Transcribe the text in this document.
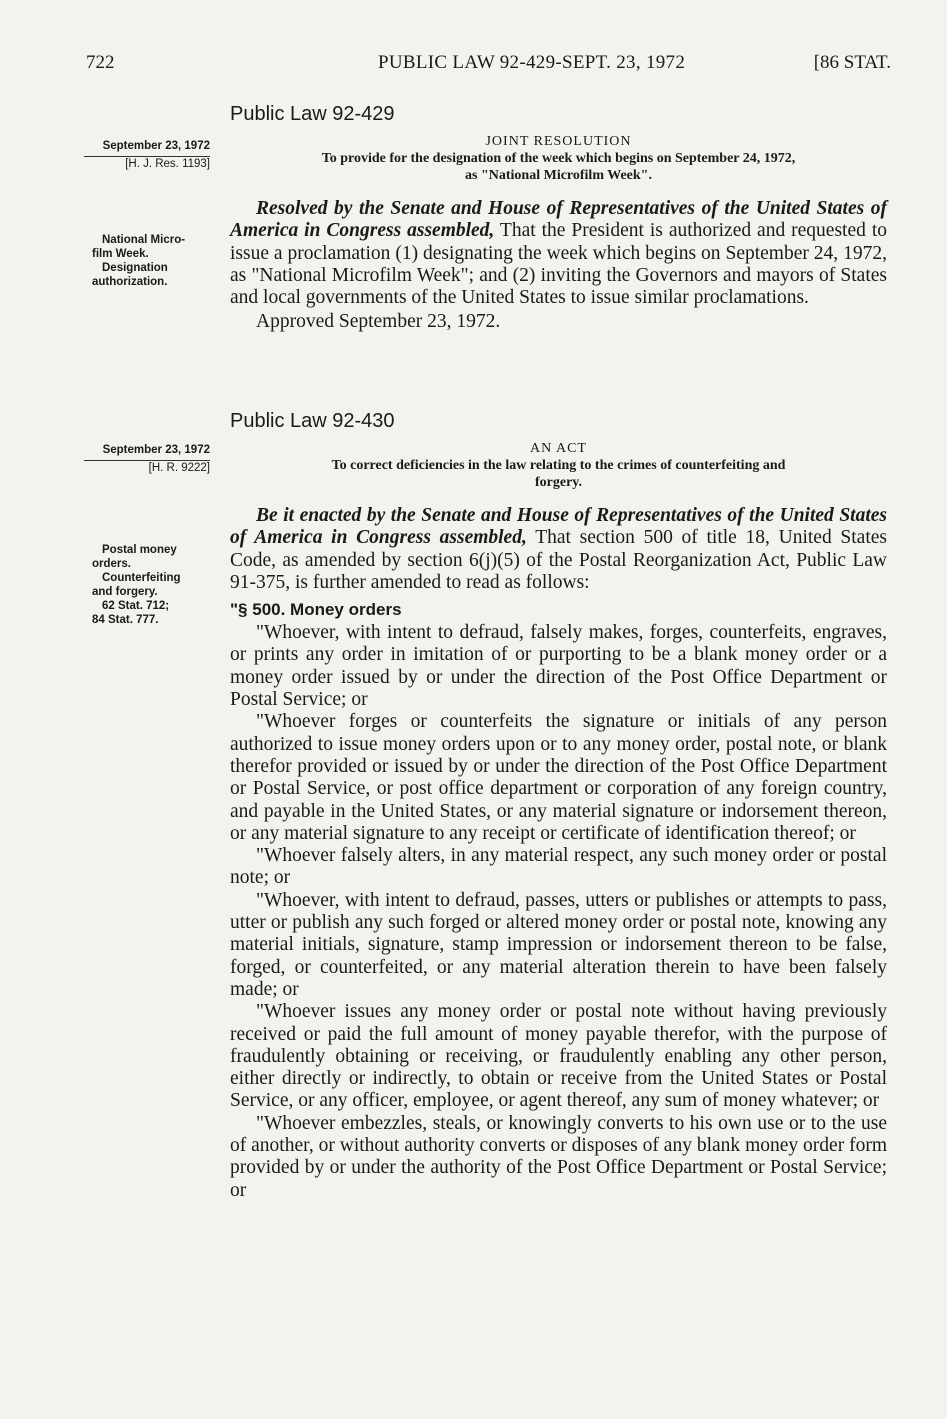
722	PUBLIC LAW 92-429-SEPT. 23, 1972	[86 STAT.
Public Law 92-429
JOINT RESOLUTION
To provide for the designation of the week which begins on September 24, 1972,
as "National Microfilm Week".

Resolved by the Senate and House of Representatives of the United States of America in Congress assembled, That the President is authorized and requested to issue a proclamation (1) designating the week which begins on September 24, 1972, as "National Microfilm Week"; and (2) inviting the Governors and mayors of States and local governments of the United States to issue similar proclamations.

Approved September 23, 1972.
September 23, 1972
[H. J. Res. 1193]
National Micro-
film Week.
Designation
authorization.
Public Law 92-430
AN ACT
To correct deficiencies in the law relating to the crimes of counterfeiting and
forgery.

Be it enacted by the Senate and House of Representatives of the United States of America in Congress assembled, That section 500 of title 18, United States Code, as amended by section 6(j)(5) of the Postal Reorganization Act, Public Law 91-375, is further amended to read as follows:

"§ 500. Money orders

"Whoever, with intent to defraud, falsely makes, forges, counterfeits, engraves, or prints any order in imitation of or purporting to be a blank money order or a money order issued by or under the direction of the Post Office Department or Postal Service; or

"Whoever forges or counterfeits the signature or initials of any person authorized to issue money orders upon or to any money order, postal note, or blank therefor provided or issued by or under the direction of the Post Office Department or Postal Service, or post office department or corporation of any foreign country, and payable in the United States, or any material signature or indorsement thereon, or any material signature to any receipt or certificate of identification thereof; or

"Whoever falsely alters, in any material respect, any such money order or postal note; or

"Whoever, with intent to defraud, passes, utters or publishes or attempts to pass, utter or publish any such forged or altered money order or postal note, knowing any material initials, signature, stamp impression or indorsement thereon to be false, forged, or counterfeited, or any material alteration therein to have been falsely made; or

"Whoever issues any money order or postal note without having previously received or paid the full amount of money payable therefor, with the purpose of fraudulently obtaining or receiving, or fraudulently enabling any other person, either directly or indirectly, to obtain or receive from the United States or Postal Service, or any officer, employee, or agent thereof, any sum of money whatever; or

"Whoever embezzles, steals, or knowingly converts to his own use or to the use of another, or without authority converts or disposes of any blank money order form provided by or under the authority of the Post Office Department or Postal Service; or

September 23, 1972
[H. R. 9222]
Postal money
orders.
Counterfeiting
and forgery.
62 Stat. 712;
84 Stat. 777.
